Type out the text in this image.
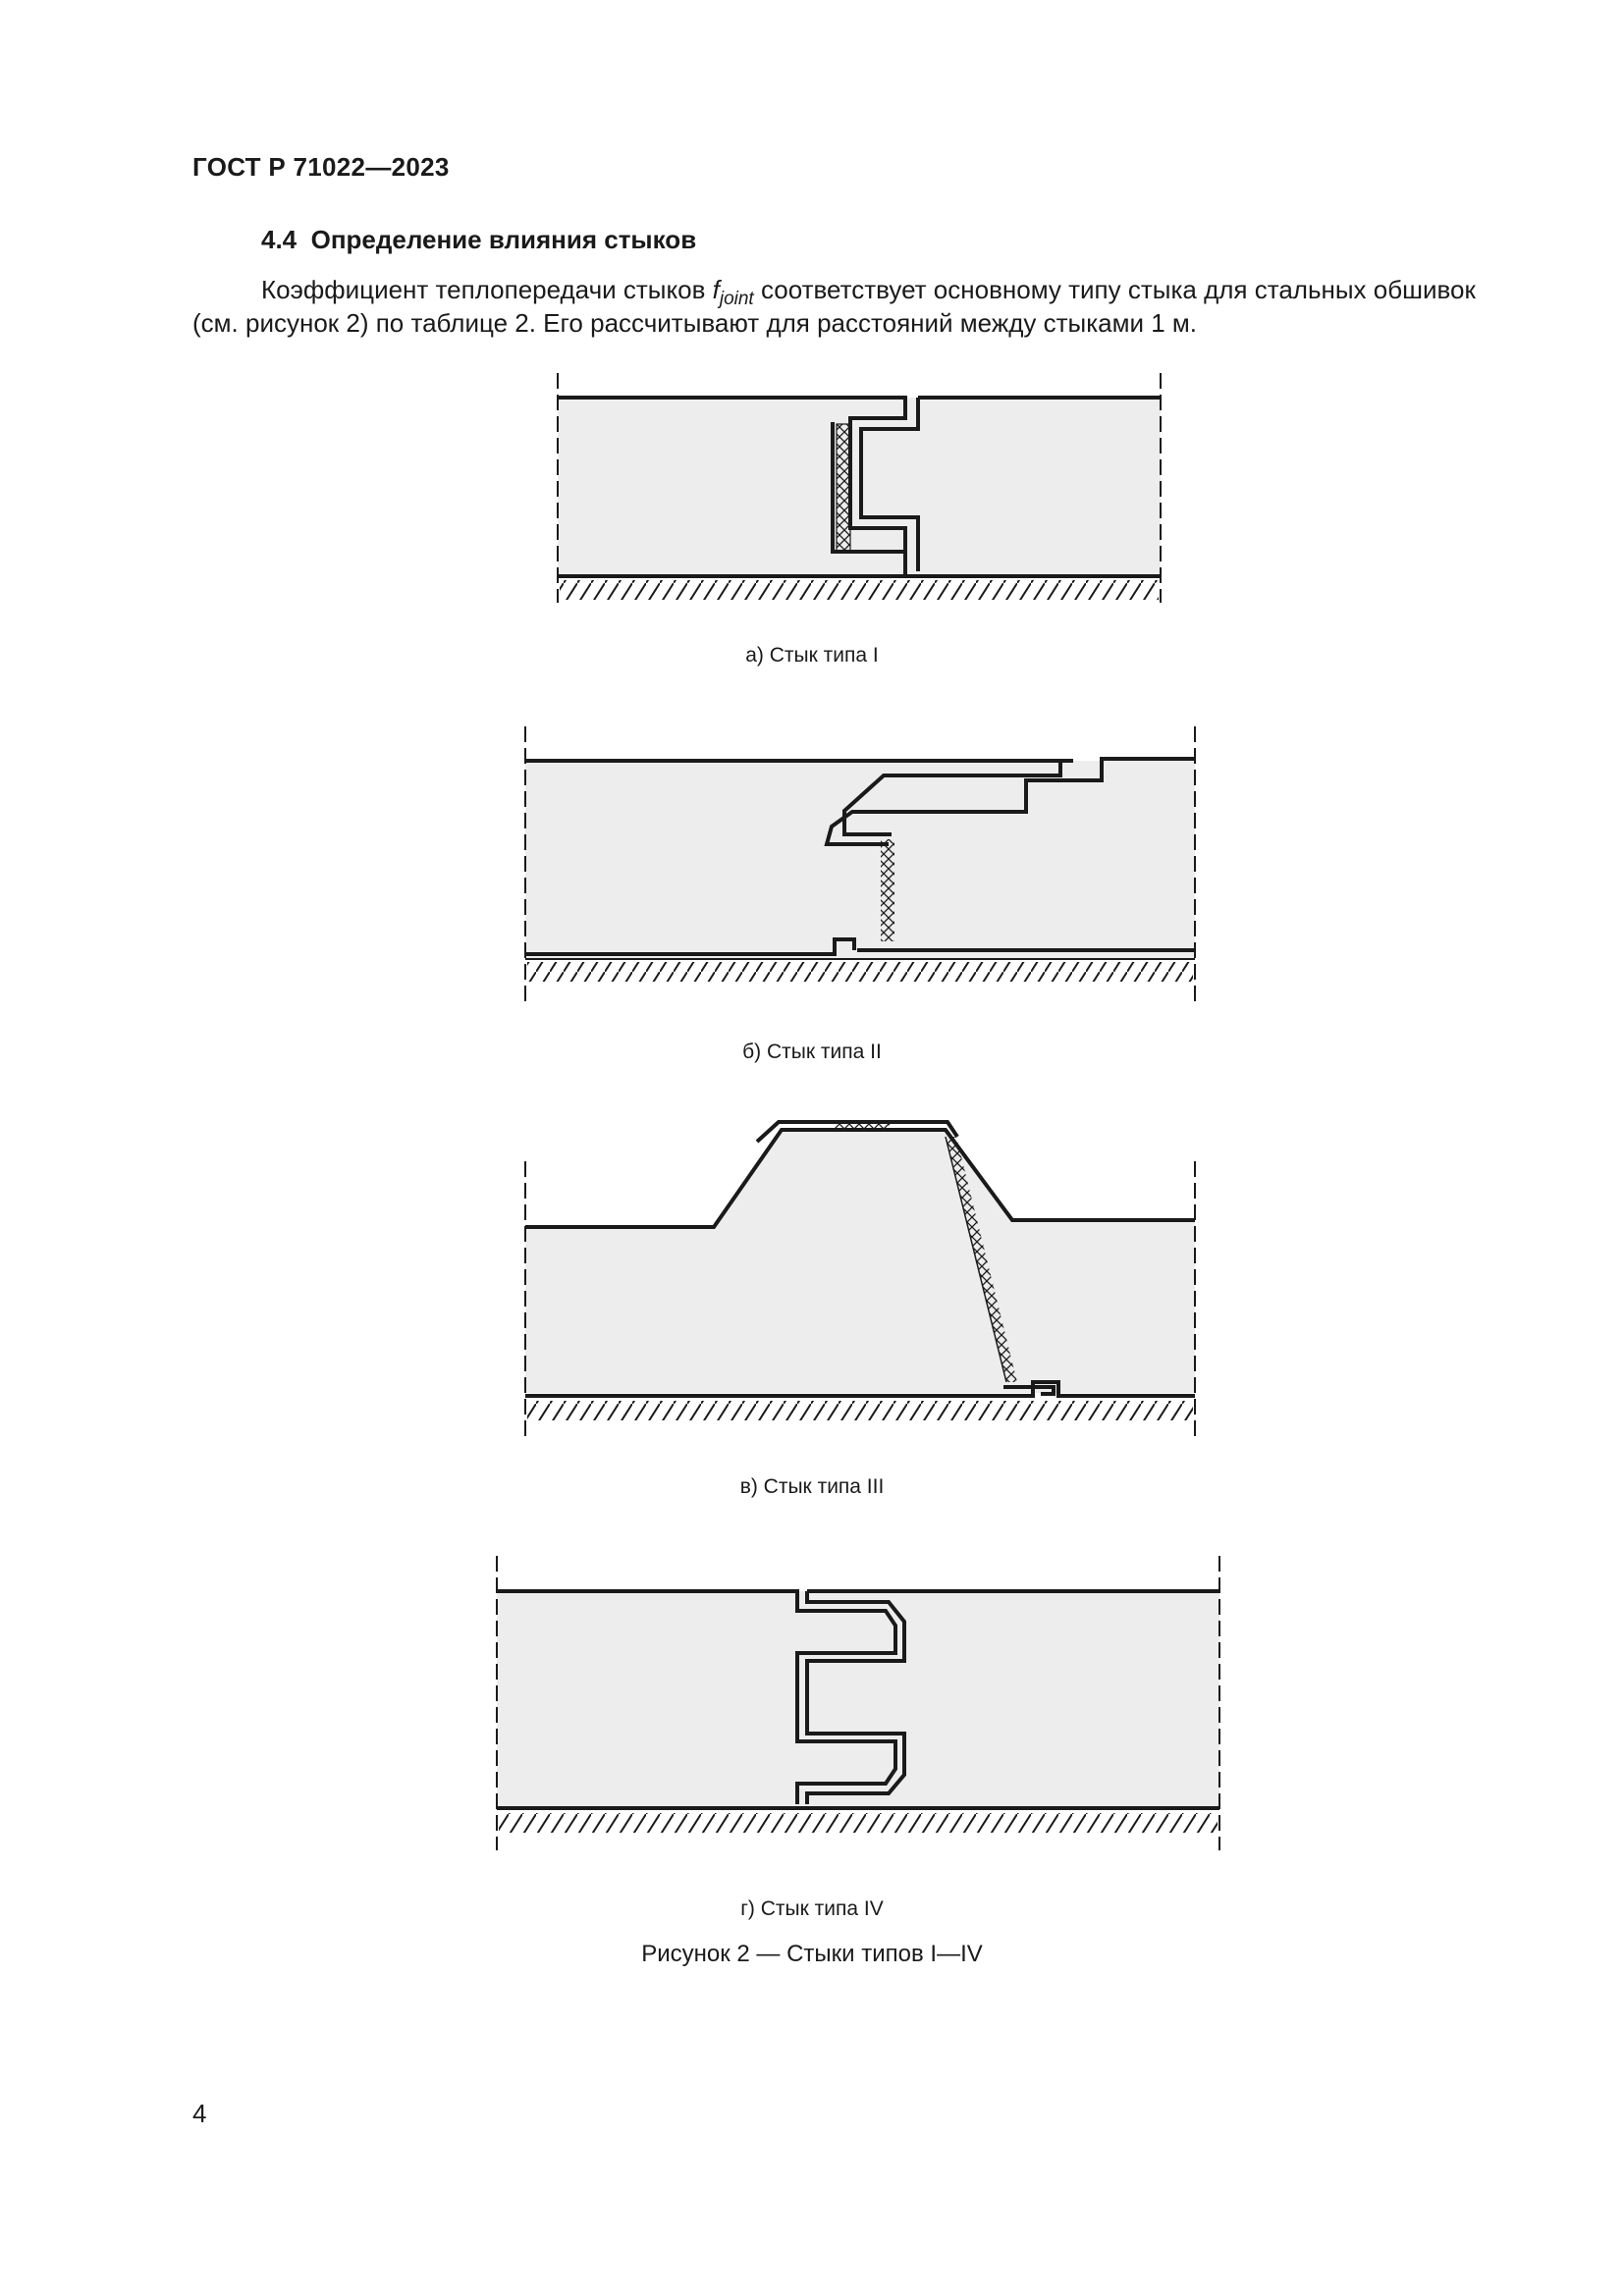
ГОСТ Р 71022—2023
4.4 Определение влияния стыков
Коэффициент теплопередачи стыков $f_{joint}$ соответствует основному типу стыка для стальных обшивок (см. рисунок 2) по таблице 2. Его рассчитывают для расстояний между стыками 1 м.
а) Стык типа I
б) Стык типа II
в) Стык типа III
г) Стык типа IV
Рисунок 2 — Стыки типов I—IV
4
